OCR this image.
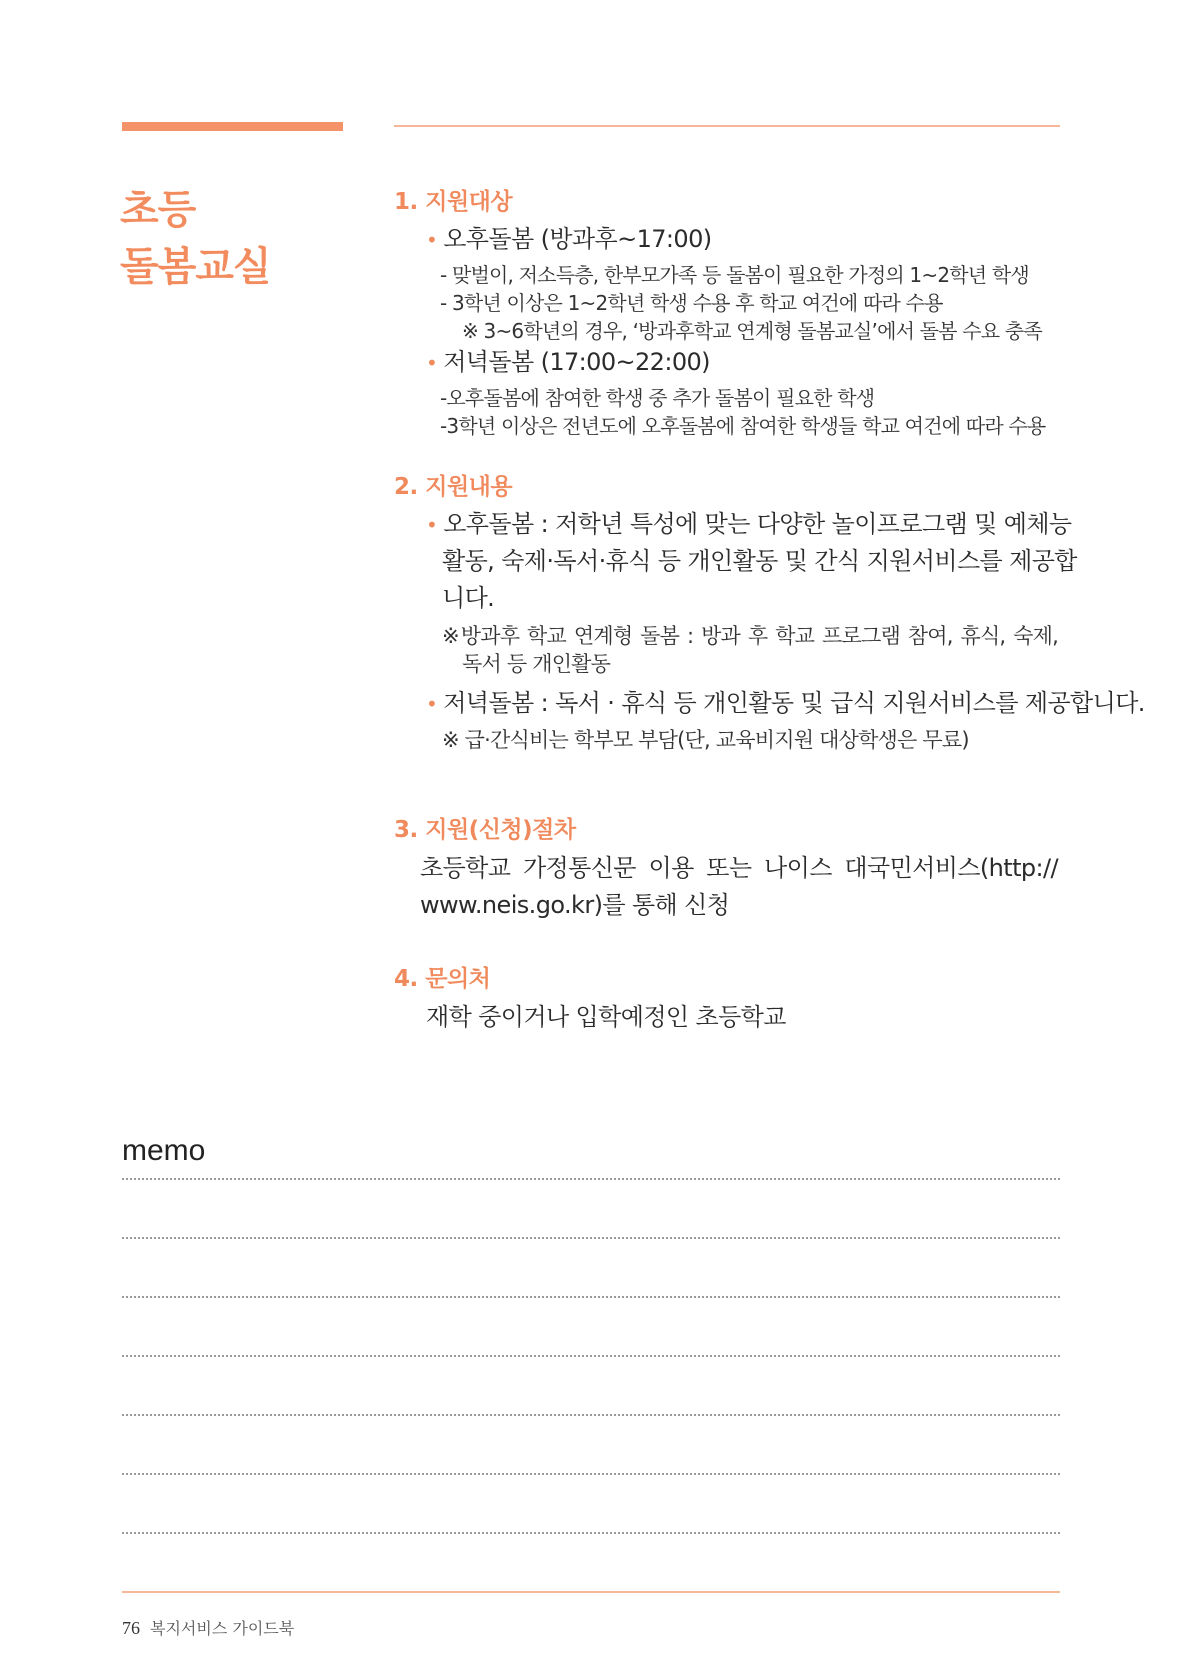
초등
돌봄교실
1. 지원대상
• 오후돌봄 (방과후~17:00)
- 맞벌이, 저소득층, 한부모가족 등 돌봄이 필요한 가정의 1~2학년 학생
- 3학년 이상은 1~2학년 학생 수용 후 학교 여건에 따라 수용
※ 3~6학년의 경우, ‘방과후학교 연계형 돌봄교실’에서 돌봄 수요 충족
• 저녁돌봄 (17:00~22:00)
-오후돌봄에 참여한 학생 중 추가 돌봄이 필요한 학생
-3학년 이상은 전년도에 오후돌봄에 참여한 학생들 학교 여건에 따라 수용
2. 지원내용
• 오후돌봄 : 저학년 특성에 맞는 다양한 놀이프로그램 및 예체능
활동, 숙제·독서·휴식 등 개인활동 및 간식 지원서비스를 제공합
니다.
※방과후 학교 연계형 돌봄 : 방과 후 학교 프로그램 참여, 휴식, 숙제,
독서 등 개인활동
• 저녁돌봄 : 독서 · 휴식 등 개인활동 및 급식 지원서비스를 제공합니다.
※ 급·간식비는 학부모 부담(단, 교육비지원 대상학생은 무료)
3. 지원(신청)절차
초등학교 가정통신문 이용 또는 나이스 대국민서비스(http://
www.neis.go.kr)를 통해 신청
4. 문의처
재학 중이거나 입학예정인 초등학교
memo
76 복지서비스 가이드북
